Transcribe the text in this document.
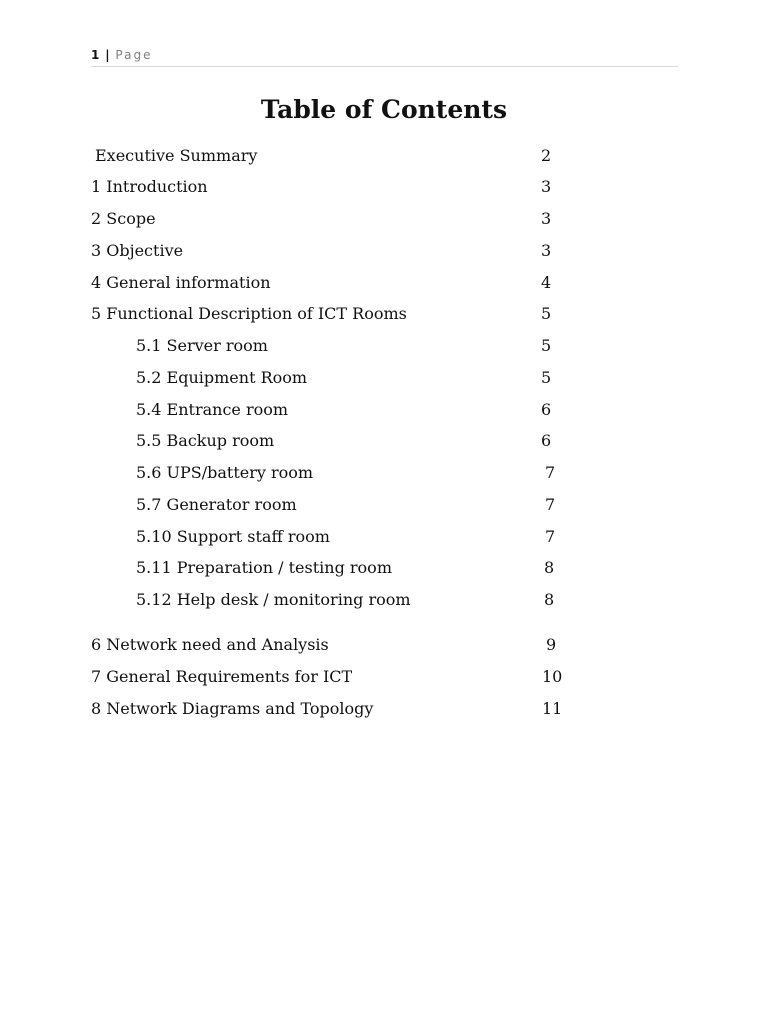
1 | Page
Table of Contents
Executive Summary	2
1 Introduction	3
2 Scope	3
3 Objective	3
4 General information	4
5 Functional Description of ICT Rooms	5
5.1 Server room	5
5.2 Equipment Room	5
5.4 Entrance room	6
5.5 Backup room	6
5.6 UPS/battery room	7
5.7 Generator room	7
5.10 Support staff room	7
5.11 Preparation / testing room	8
5.12 Help desk / monitoring room	8
6 Network need and Analysis	9
7 General Requirements for ICT	10
8 Network Diagrams and Topology	11
